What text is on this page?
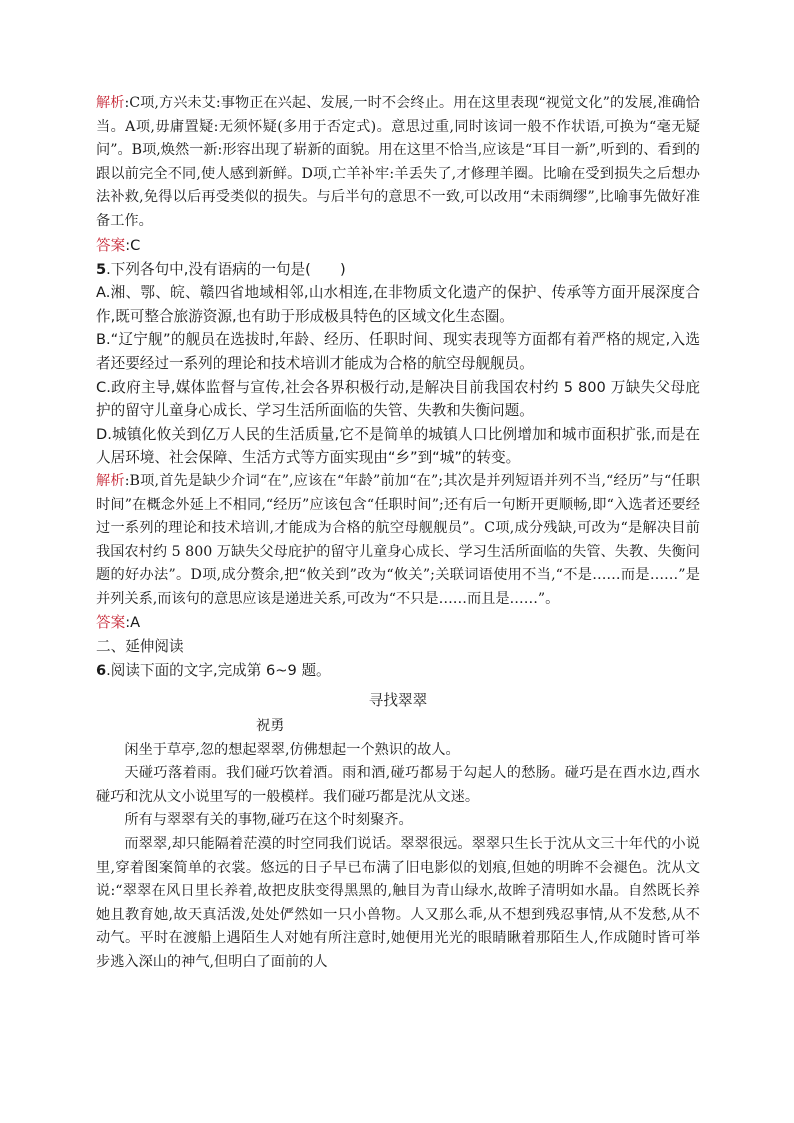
解析:C项,方兴未艾:事物正在兴起、发展,一时不会终止。用在这里表现“视觉文化”的发展,准确恰当。A项,毋庸置疑:无须怀疑(多用于否定式)。意思过重,同时该词一般不作状语,可换为“毫无疑问”。B项,焕然一新:形容出现了崭新的面貌。用在这里不恰当,应该是“耳目一新”,听到的、看到的跟以前完全不同,使人感到新鲜。D项,亡羊补牢:羊丢失了,才修理羊圈。比喻在受到损失之后想办法补救,免得以后再受类似的损失。与后半句的意思不一致,可以改用“未雨绸缪”,比喻事先做好准备工作。

答案:C

5.下列各句中,没有语病的一句是(　　)

A.湘、鄂、皖、赣四省地域相邻,山水相连,在非物质文化遗产的保护、传承等方面开展深度合作,既可整合旅游资源,也有助于形成极具特色的区域文化生态圈。

B.“辽宁舰”的舰员在选拔时,年龄、经历、任职时间、现实表现等方面都有着严格的规定,入选者还要经过一系列的理论和技术培训才能成为合格的航空母舰舰员。

C.政府主导,媒体监督与宣传,社会各界积极行动,是解决目前我国农村约 5 800 万缺失父母庇护的留守儿童身心成长、学习生活所面临的失管、失教和失衡问题。

D.城镇化攸关到亿万人民的生活质量,它不是简单的城镇人口比例增加和城市面积扩张,而是在人居环境、社会保障、生活方式等方面实现由“乡”到“城”的转变。

解析:B项,首先是缺少介词“在”,应该在“年龄”前加“在”;其次是并列短语并列不当,“经历”与“任职时间”在概念外延上不相同,“经历”应该包含“任职时间”;还有后一句断开更顺畅,即“入选者还要经过一系列的理论和技术培训,才能成为合格的航空母舰舰员”。C项,成分残缺,可改为“是解决目前我国农村约 5 800 万缺失父母庇护的留守儿童身心成长、学习生活所面临的失管、失教、失衡问题的好办法”。D项,成分赘余,把“攸关到”改为“攸关”;关联词语使用不当,“不是……而是……”是并列关系,而该句的意思应该是递进关系,可改为“不只是……而且是……”。

答案:A

二、延伸阅读

6.阅读下面的文字,完成第 6~9 题。

寻找翠翠

祝勇

闲坐于草亭,忽的想起翠翠,仿佛想起一个熟识的故人。

天碰巧落着雨。我们碰巧饮着酒。雨和酒,碰巧都易于勾起人的愁肠。碰巧是在酉水边,酉水碰巧和沈从文小说里写的一般模样。我们碰巧都是沈从文迷。

所有与翠翠有关的事物,碰巧在这个时刻聚齐。

而翠翠,却只能隔着茫漠的时空同我们说话。翠翠很远。翠翠只生长于沈从文三十年代的小说里,穿着图案简单的衣裳。悠远的日子早已布满了旧电影似的划痕,但她的明眸不会褪色。沈从文说:“翠翠在风日里长养着,故把皮肤变得黑黑的,触目为青山绿水,故眸子清明如水晶。自然既长养她且教育她,故天真活泼,处处俨然如一只小兽物。人又那么乖,从不想到残忍事情,从不发愁,从不动气。平时在渡船上遇陌生人对她有所注意时,她便用光光的眼睛瞅着那陌生人,作成随时皆可举步逃入深山的神气,但明白了面前的人
